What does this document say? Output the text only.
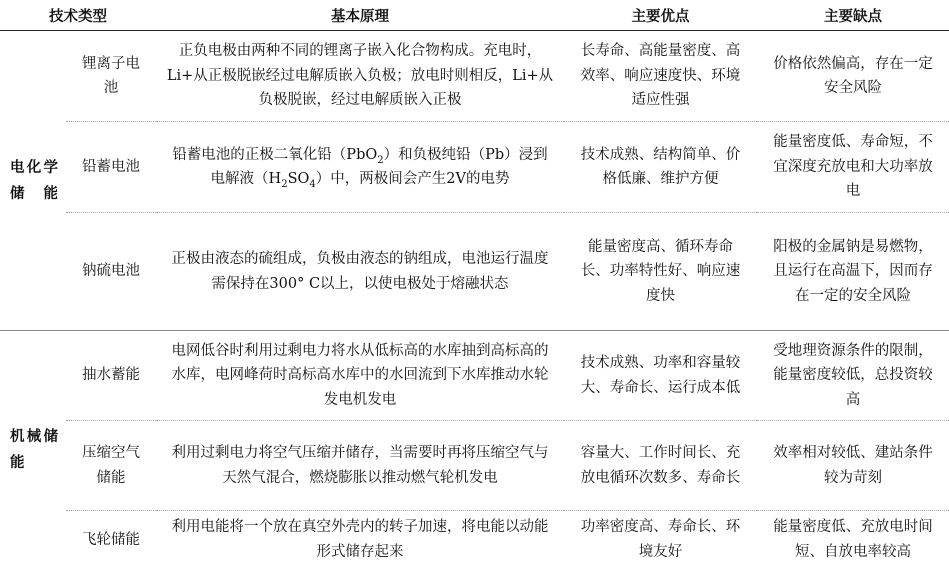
技术类型		基本原理	主要优点	主要缺点
电化学储能	锂离子电池	正负电极由两种不同的锂离子嵌入化合物构成。充电时，Li+从正极脱嵌经过电解质嵌入负极；放电时则相反，Li+从负极脱嵌，经过电解质嵌入正极	长寿命、高能量密度、高效率、响应速度快、环境适应性强	价格依然偏高，存在一定安全风险
	铅蓄电池	铅蓄电池的正极二氧化铅（PbO$_2$）和负极纯铅（Pb）浸到电解液$(H_2SO_4)$中，两极间会产生2V的电势	技术成熟、结构简单、价格低廉、维护方便	能量密度低、寿命短，不宜深度充放电和大功率放电
	钠硫电池	正极由液态的硫组成，负极由液态的钠组成，电池运行温度需保持在300° C以上，以使电极处于熔融状态	能量密度高、循环寿命长、功率特性好、响应速度快	阳极的金属钠是易燃物，且运行在高温下，因而存在一定的安全风险
机械储能	抽水蓄能	电网低谷时利用过剩电力将水从低标高的水库抽到高标高的水库，电网峰荷时高标高水库中的水回流到下水库推动水轮发电机发电	技术成熟、功率和容量较大、寿命长、运行成本低	受地理资源条件的限制，能量密度较低，总投资较高
	压缩空气储能	利用过剩电力将空气压缩并储存，当需要时再将压缩空气与天然气混合，燃烧膨胀以推动燃气轮机发电	容量大、工作时间长、充放电循环次数多、寿命长	效率相对较低、建站条件较为苛刻
	飞轮储能	利用电能将一个放在真空外壳内的转子加速，将电能以动能形式储存起来	功率密度高、寿命长、环境友好	能量密度低、充放电时间短、自放电率较高
